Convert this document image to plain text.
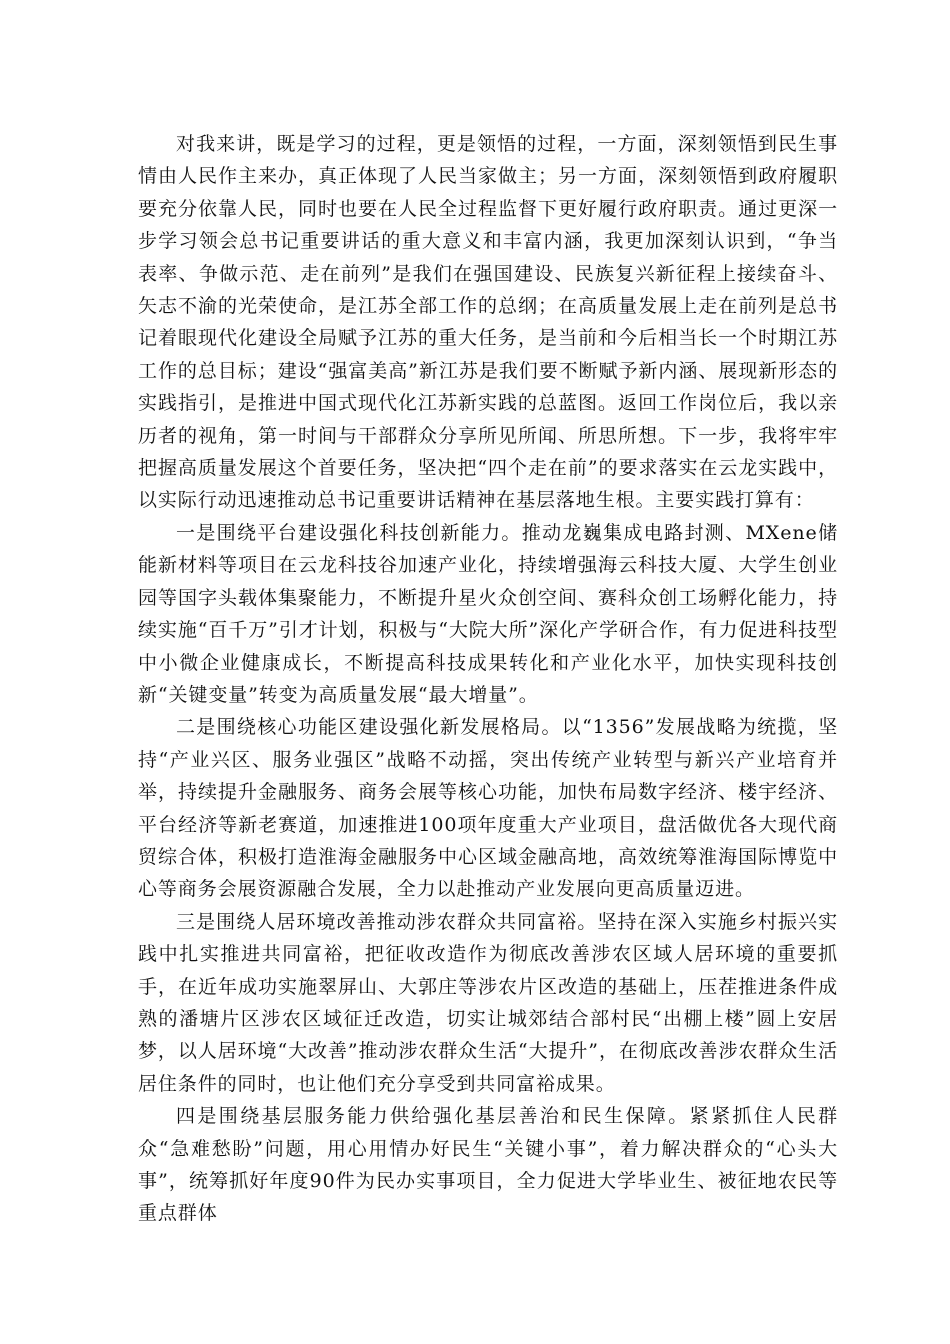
对我来讲，既是学习的过程，更是领悟的过程，一方面，深刻领悟到民生事情由人民作主来办，真正体现了人民当家做主；另一方面，深刻领悟到政府履职要充分依靠人民，同时也要在人民全过程监督下更好履行政府职责。通过更深一步学习领会总书记重要讲话的重大意义和丰富内涵，我更加深刻认识到，“争当表率、争做示范、走在前列”是我们在强国建设、民族复兴新征程上接续奋斗、矢志不渝的光荣使命，是江苏全部工作的总纲；在高质量发展上走在前列是总书记着眼现代化建设全局赋予江苏的重大任务，是当前和今后相当长一个时期江苏工作的总目标；建设“强富美高”新江苏是我们要不断赋予新内涵、展现新形态的实践指引，是推进中国式现代化江苏新实践的总蓝图。返回工作岗位后，我以亲历者的视角，第一时间与干部群众分享所见所闻、所思所想。下一步，我将牢牢把握高质量发展这个首要任务，坚决把“四个走在前”的要求落实在云龙实践中，以实际行动迅速推动总书记重要讲话精神在基层落地生根。主要实践打算有：

一是围绕平台建设强化科技创新能力。推动龙巍集成电路封测、MXene储能新材料等项目在云龙科技谷加速产业化，持续增强海云科技大厦、大学生创业园等国字头载体集聚能力，不断提升星火众创空间、赛科众创工场孵化能力，持续实施“百千万”引才计划，积极与“大院大所”深化产学研合作，有力促进科技型中小微企业健康成长，不断提高科技成果转化和产业化水平，加快实现科技创新“关键变量”转变为高质量发展“最大增量”。

二是围绕核心功能区建设强化新发展格局。以“1356”发展战略为统揽，坚持“产业兴区、服务业强区”战略不动摇，突出传统产业转型与新兴产业培育并举，持续提升金融服务、商务会展等核心功能，加快布局数字经济、楼宇经济、平台经济等新老赛道，加速推进100项年度重大产业项目，盘活做优各大现代商贸综合体，积极打造淮海金融服务中心区域金融高地，高效统筹淮海国际博览中心等商务会展资源融合发展，全力以赴推动产业发展向更高质量迈进。

三是围绕人居环境改善推动涉农群众共同富裕。坚持在深入实施乡村振兴实践中扎实推进共同富裕，把征收改造作为彻底改善涉农区域人居环境的重要抓手，在近年成功实施翠屏山、大郭庄等涉农片区改造的基础上，压茬推进条件成熟的潘塘片区涉农区域征迁改造，切实让城郊结合部村民“出棚上楼”圆上安居梦，以人居环境“大改善”推动涉农群众生活“大提升”，在彻底改善涉农群众生活居住条件的同时，也让他们充分享受到共同富裕成果。

四是围绕基层服务能力供给强化基层善治和民生保障。紧紧抓住人民群众“急难愁盼”问题，用心用情办好民生“关键小事”，着力解决群众的“心头大事”，统筹抓好年度90件为民办实事项目，全力促进大学毕业生、被征地农民等重点群体
